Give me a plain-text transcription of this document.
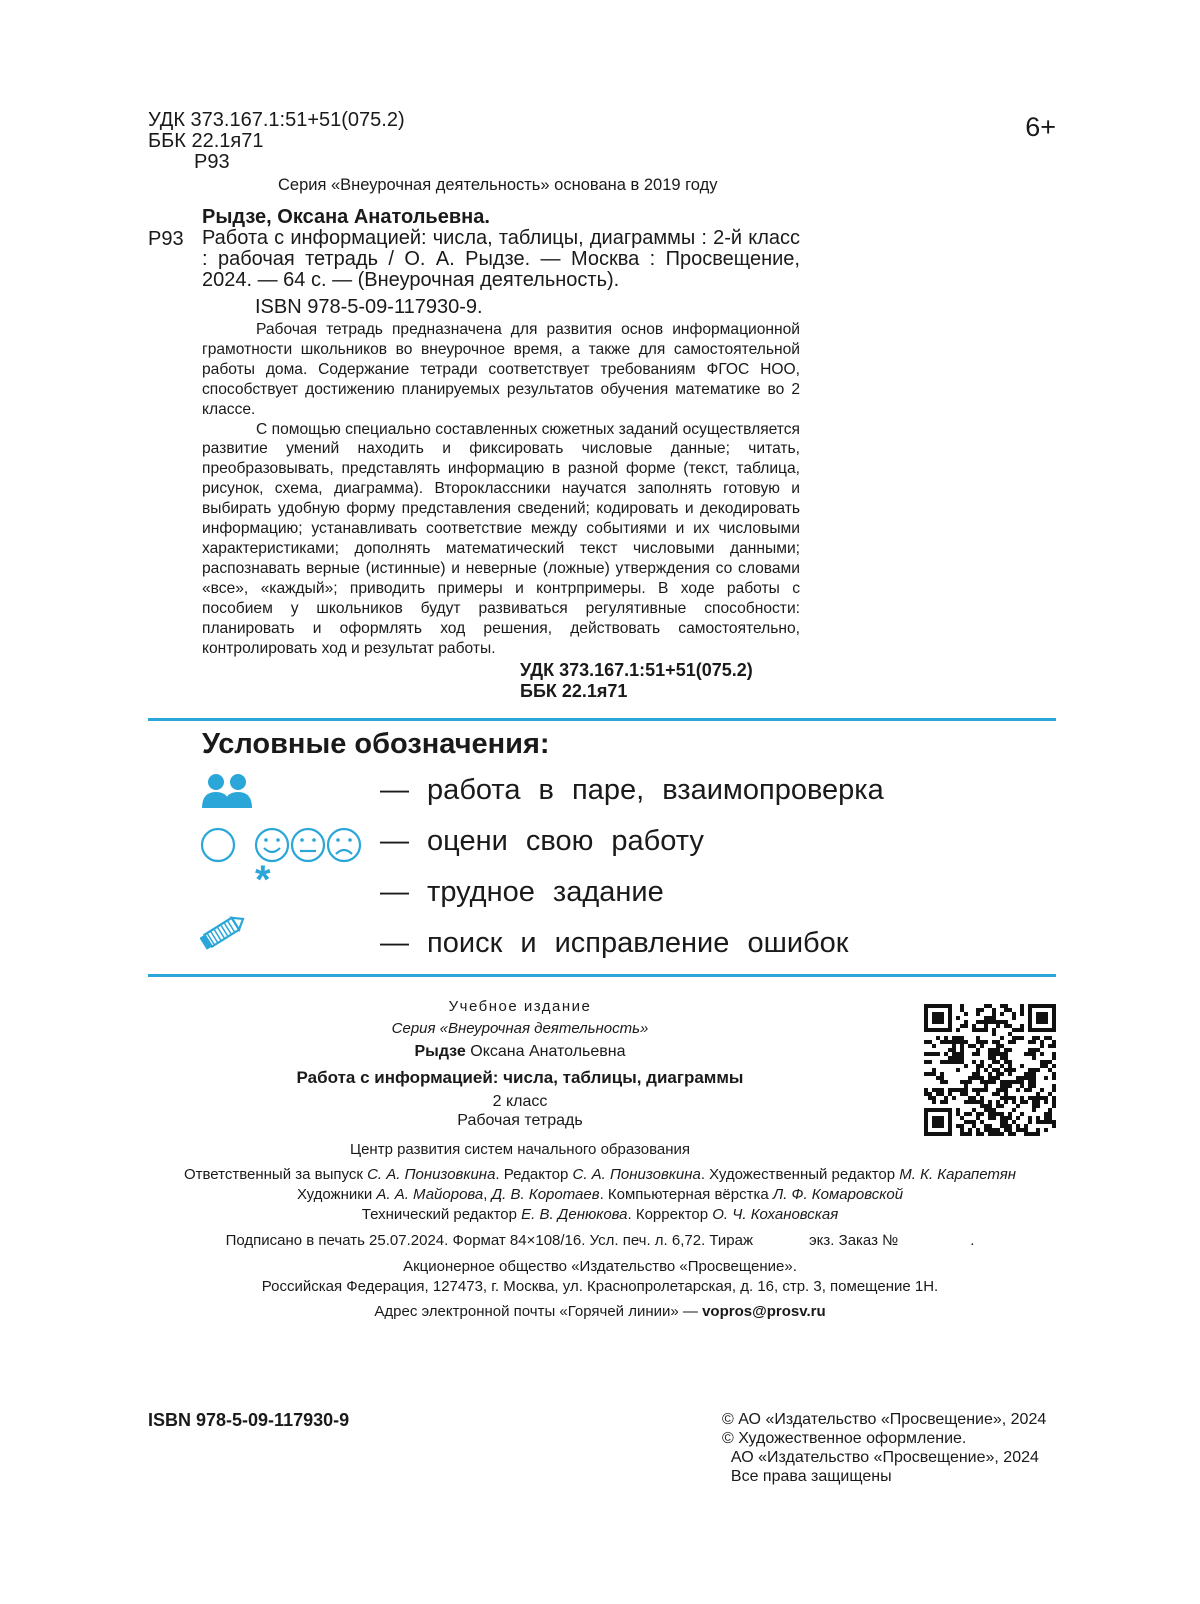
УДК 373.167.1:51+51(075.2)
ББК 22.1я71
Р93
6+
Серия «Внеурочная деятельность» основана в 2019 году
Рыдзе, Оксана Анатольевна.
Р93 Работа с информацией: числа, таблицы, диаграммы : 2-й класс : рабочая тетрадь / О. А. Рыдзе. — Москва : Просвещение, 2024. — 64 с. — (Внеурочная деятельность).
ISBN 978-5-09-117930-9.

Рабочая тетрадь предназначена для развития основ информационной грамотности школьников во внеурочное время, а также для самостоятельной работы дома. Содержание тетради соответствует требованиям ФГОС НОО, способствует достижению планируемых результатов обучения математике во 2 классе.

С помощью специально составленных сюжетных заданий осуществляется развитие умений находить и фиксировать числовые данные; читать, преобразовывать, представлять информацию в разной форме (текст, таблица, рисунок, схема, диаграмма). Второклассники научатся заполнять готовую и выбирать удобную форму представления сведений; кодировать и декодировать информацию; устанавливать соответствие между событиями и их числовыми характеристиками; дополнять математический текст числовыми данными; распознавать верные (истинные) и неверные (ложные) утверждения со словами «все», «каждый»; приводить примеры и контрпримеры. В ходе работы с пособием у школьников будут развиваться регулятивные способности: планировать и оформлять ход решения, действовать самостоятельно, контролировать ход и результат работы.

УДК 373.167.1:51+51(075.2)
ББК 22.1я71
Условные обозначения:
— работа в паре, взаимопроверка
— оцени свою работу
*	— трудное задание
— поиск и исправление ошибок
Учебное издание
Серия «Внеурочная деятельность»
Рыдзе Оксана Анатольевна
Работа с информацией: числа, таблицы, диаграммы
2 класс
Рабочая тетрадь
Центр развития систем начального образования
Ответственный за выпуск С. А. Понизовкина. Редактор С. А. Понизовкина. Художественный редактор М. К. Карапетян
Художники А. А. Майорова, Д. В. Коротаев. Компьютерная вёрстка Л. Ф. Комаровской
Технический редактор Е. В. Денюкова. Корректор О. Ч. Кохановская
Подписано в печать 25.07.2024. Формат 84×108/16. Усл. печ. л. 6,72. Тираж	экз. Заказ №	.
Акционерное общество «Издательство «Просвещение».
Российская Федерация, 127473, г. Москва, ул. Краснопролетарская, д. 16, стр. 3, помещение 1Н.
Адрес электронной почты «Горячей линии» — vopros@prosv.ru
ISBN 978-5-09-117930-9	© АО «Издательство «Просвещение», 2024
© Художественное оформление.
АО «Издательство «Просвещение», 2024
Все права защищены
